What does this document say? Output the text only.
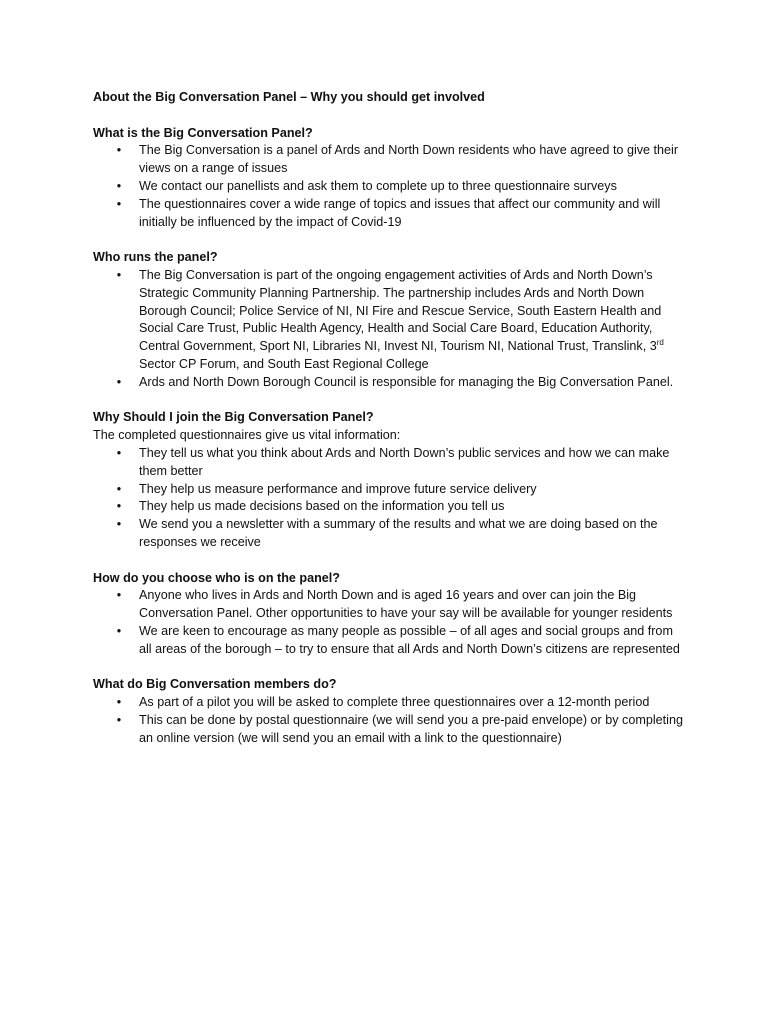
About the Big Conversation Panel – Why you should get involved

What is the Big Conversation Panel?

• The Big Conversation is a panel of Ards and North Down residents who have agreed to give their views on a range of issues
• We contact our panellists and ask them to complete up to three questionnaire surveys
• The questionnaires cover a wide range of topics and issues that affect our community and will initially be influenced by the impact of Covid-19

Who runs the panel?

• The Big Conversation is part of the ongoing engagement activities of Ards and North Down’s Strategic Community Planning Partnership. The partnership includes Ards and North Down Borough Council; Police Service of NI, NI Fire and Rescue Service, South Eastern Health and Social Care Trust, Public Health Agency, Health and Social Care Board, Education Authority, Central Government, Sport NI, Libraries NI, Invest NI, Tourism NI, National Trust, Translink, 3rd Sector CP Forum, and South East Regional College
• Ards and North Down Borough Council is responsible for managing the Big Conversation Panel.

Why Should I join the Big Conversation Panel?

The completed questionnaires give us vital information:

• They tell us what you think about Ards and North Down’s public services and how we can make them better
• They help us measure performance and improve future service delivery
• They help us made decisions based on the information you tell us
• We send you a newsletter with a summary of the results and what we are doing based on the responses we receive

How do you choose who is on the panel?

• Anyone who lives in Ards and North Down and is aged 16 years and over can join the Big Conversation Panel. Other opportunities to have your say will be available for younger residents
• We are keen to encourage as many people as possible – of all ages and social groups and from all areas of the borough – to try to ensure that all Ards and North Down’s citizens are represented

What do Big Conversation members do?

• As part of a pilot you will be asked to complete three questionnaires over a 12-month period
• This can be done by postal questionnaire (we will send you a pre-paid envelope) or by completing an online version (we will send you an email with a link to the questionnaire)
